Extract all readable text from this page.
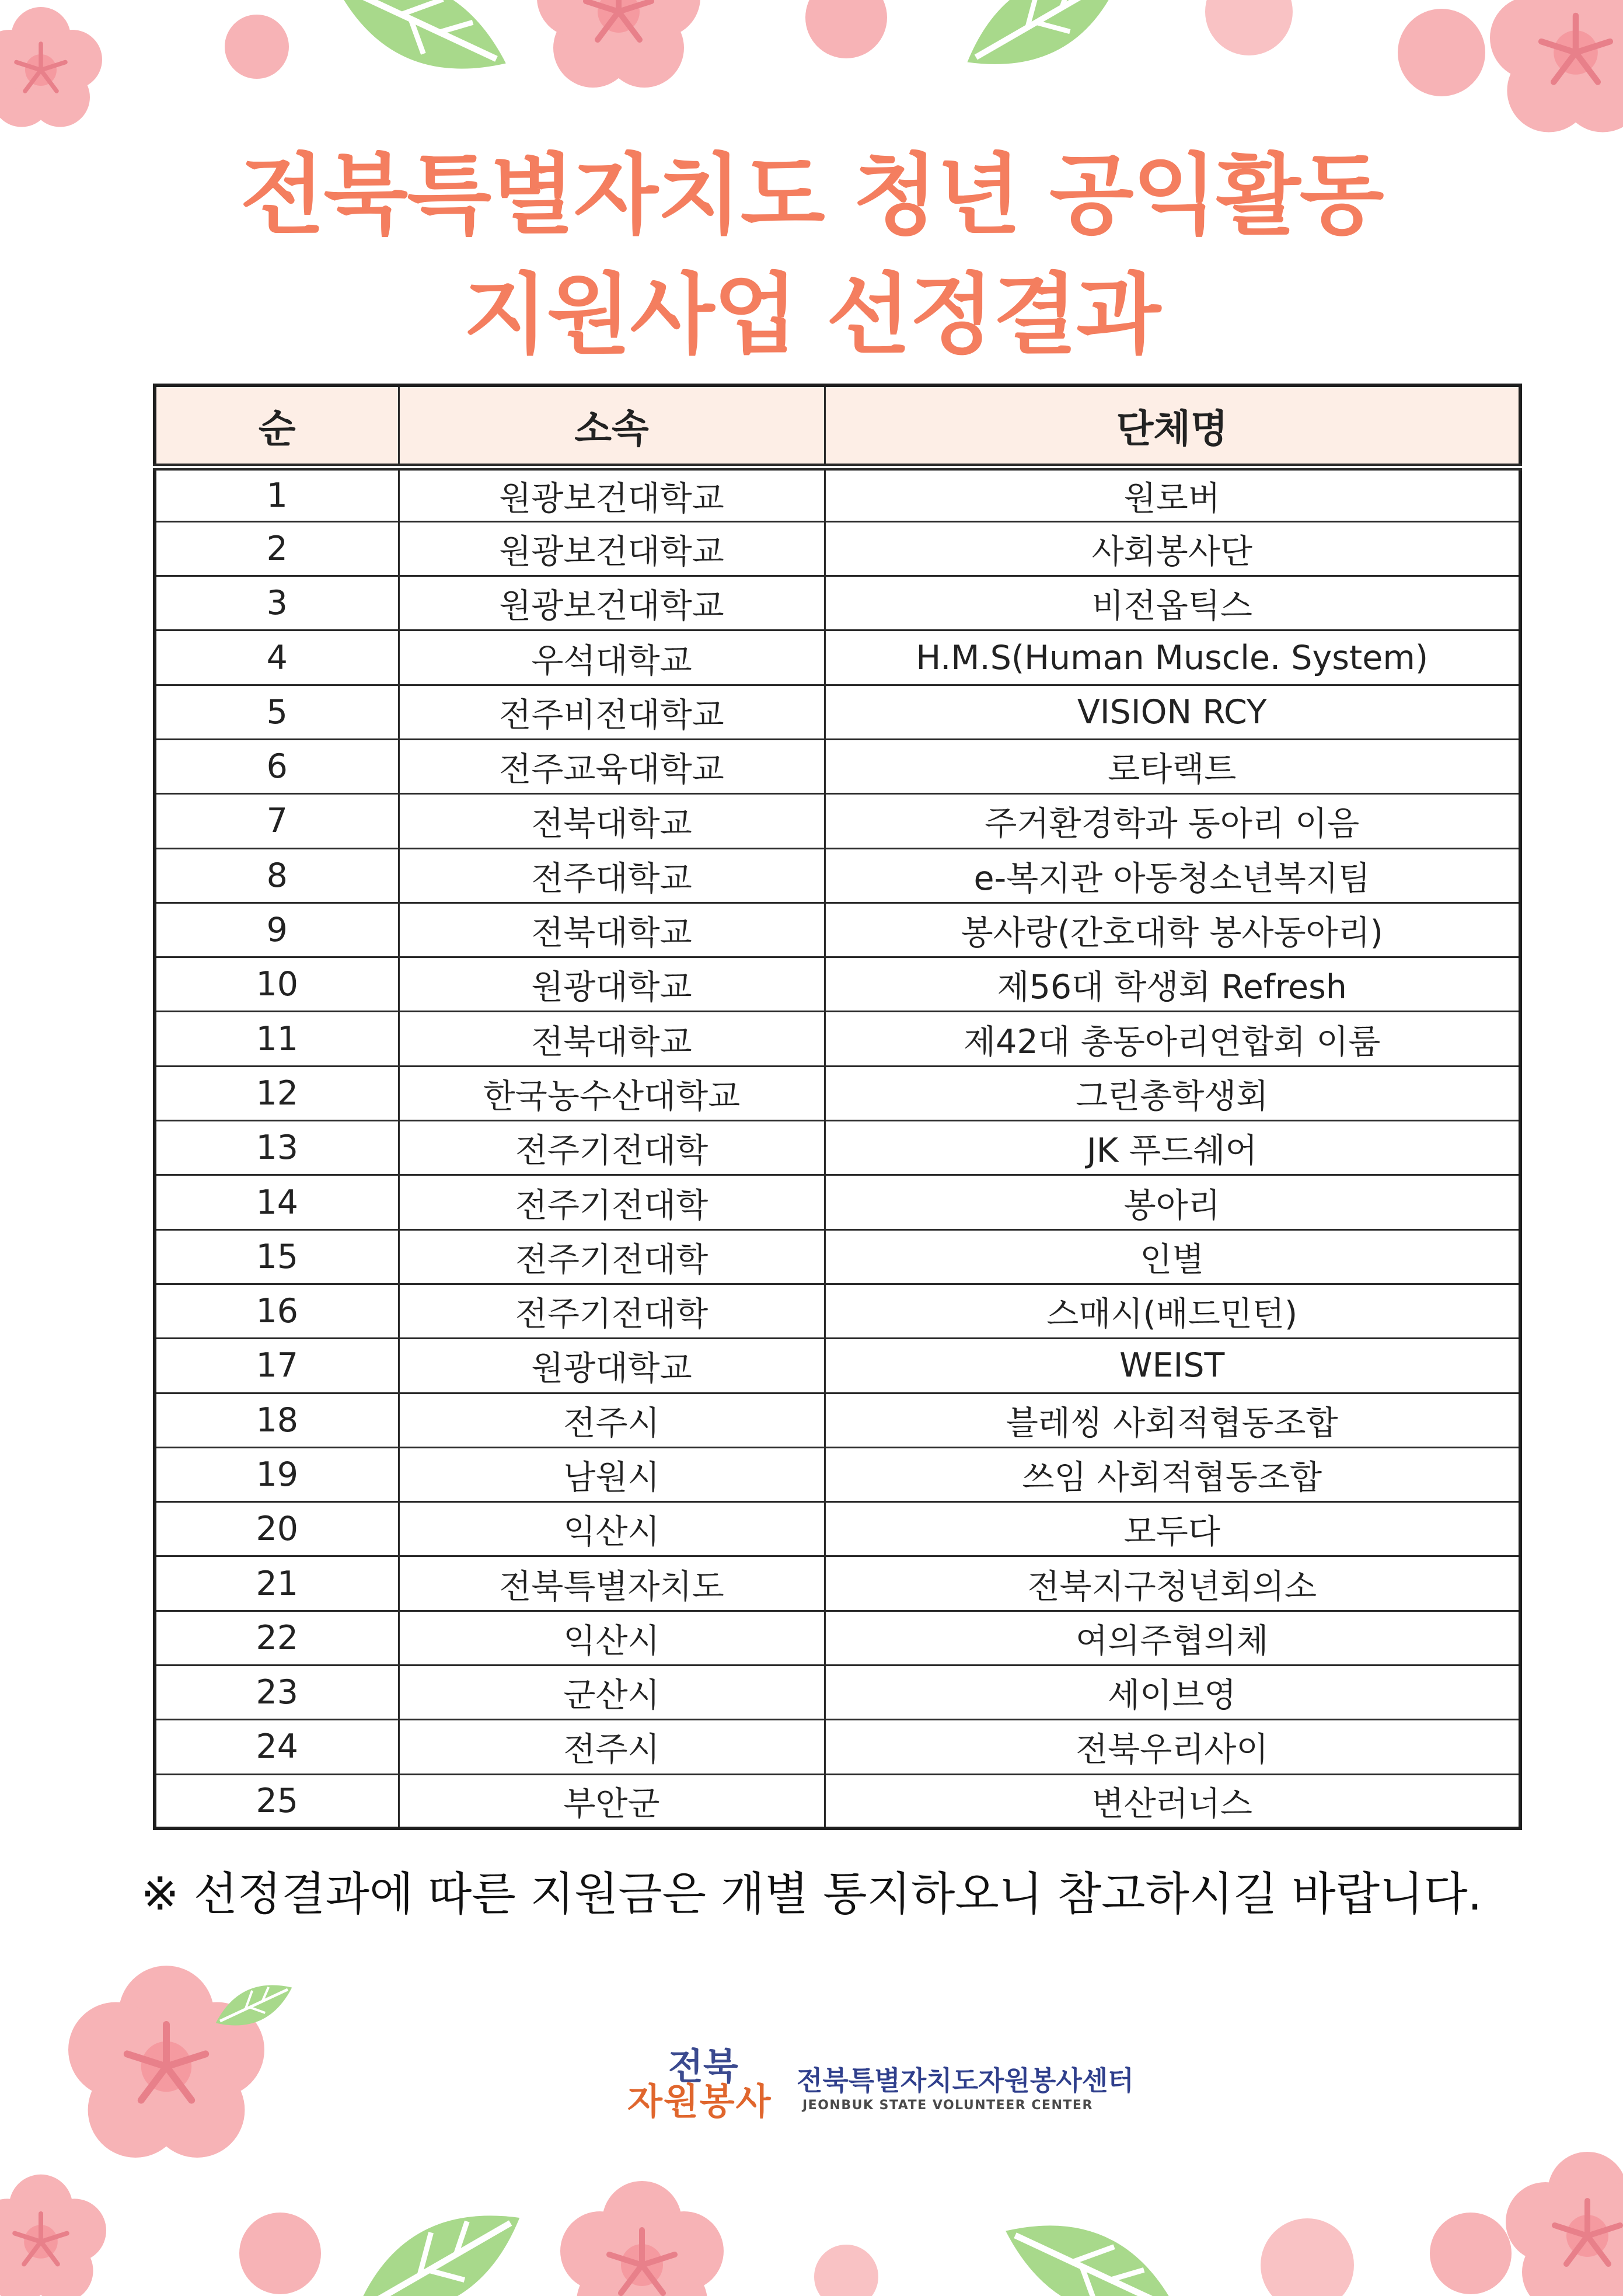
전북특별자치도 청년 공익활동
지원사업 선정결과
순	소속	단체명
1	원광보건대학교	원로버
2	원광보건대학교	사회봉사단
3	원광보건대학교	비전옵틱스
4	우석대학교	H.M.S(Human Muscle. System)
5	전주비전대학교	VISION RCY
6	전주교육대학교	로타랙트
7	전북대학교	주거환경학과 동아리 이음
8	전주대학교	e-복지관 아동청소년복지팀
9	전북대학교	봉사랑(간호대학 봉사동아리)
10	원광대학교	제56대 학생회 Refresh
11	전북대학교	제42대 총동아리연합회 이룸
12	한국농수산대학교	그린총학생회
13	전주기전대학	JK 푸드쉐어
14	전주기전대학	봉아리
15	전주기전대학	인별
16	전주기전대학	스매시(배드민턴)
17	원광대학교	WEIST
18	전주시	블레씽 사회적협동조합
19	남원시	쓰임 사회적협동조합
20	익산시	모두다
21	전북특별자치도	전북지구청년회의소
22	익산시	여의주협의체
23	군산시	세이브영
24	전주시	전북우리사이
25	부안군	변산러너스
※ 선정결과에 따른 지원금은 개별 통지하오니 참고하시길 바랍니다.
전북
자원봉사 전북특별자치도자원봉사센터
JEONBUK STATE VOLUNTEER CENTER
